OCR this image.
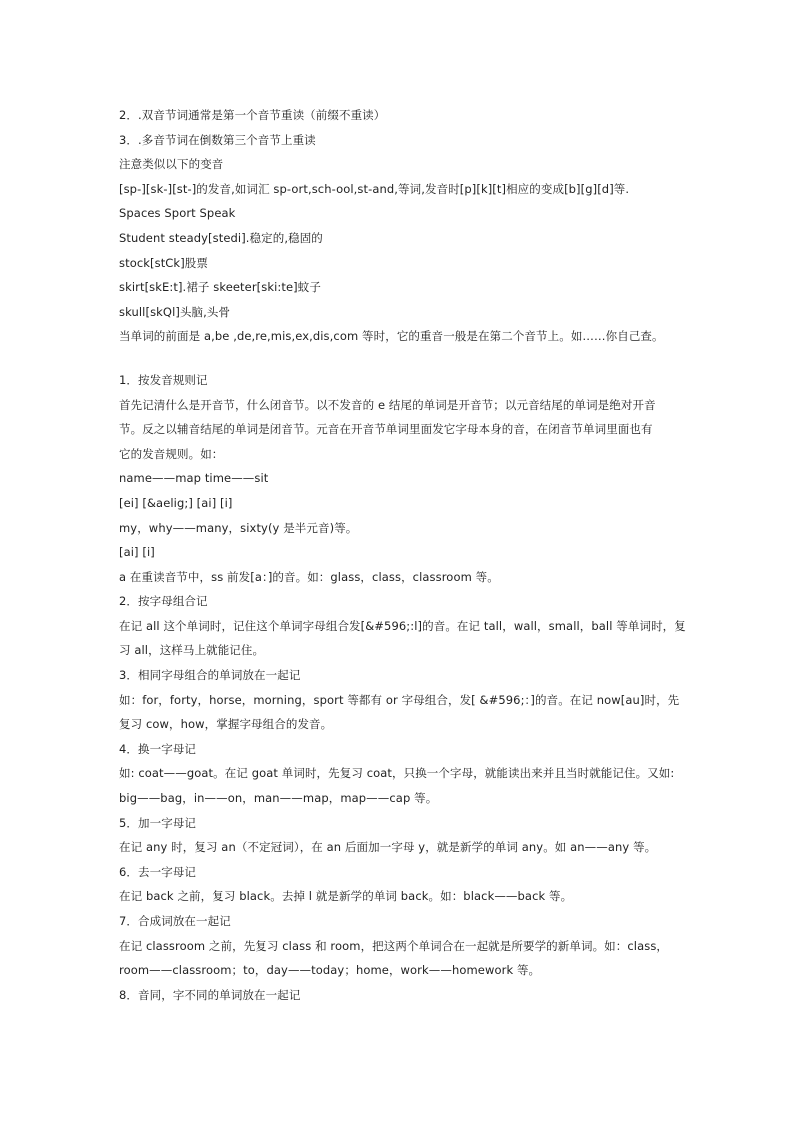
2．.双音节词通常是第一个音节重读（前缀不重读）
3．.多音节词在倒数第三个音节上重读
注意类似以下的变音
[sp-][sk-][st-]的发音,如词汇 sp-ort,sch-ool,st-and,等词,发音时[p][k][t]相应的变成[b][g][d]等.
Spaces Sport Speak
Student steady[stedi].稳定的,稳固的
stock[stCk]股票
skirt[skE:t].裙子 skeeter[ski:te]蚊子
skull[skQl]头脑,头骨
当单词的前面是 a,be ,de,re,mis,ex,dis,com 等时，它的重音一般是在第二个音节上。如……你自己查。
1．按发音规则记
首先记清什么是开音节，什么闭音节。以不发音的 e 结尾的单词是开音节；以元音结尾的单词是绝对开音
节。反之以辅音结尾的单词是闭音节。元音在开音节单词里面发它字母本身的音，在闭音节单词里面也有
它的发音规则。如：
name——map time——sit
[ei] [&aelig;] [ai] [i]
my，why——many，sixty(y 是半元音)等。
[ai] [i]
a 在重读音节中，ss 前发[a：]的音。如：glass，class，classroom 等。
2．按字母组合记
在记 all 这个单词时，记住这个单词字母组合发[&#596;:l]的音。在记 tall，wall，small，ball 等单词时，复
习 all，这样马上就能记住。
3．相同字母组合的单词放在一起记
如：for，forty，horse，morning，sport 等都有 or 字母组合，发[ &#596;：]的音。在记 now[au]时，先
复习 cow，how，掌握字母组合的发音。
4．换一字母记
如: coat——goat。在记 goat 单词时，先复习 coat，只换一个字母，就能读出来并且当时就能记住。又如:
big——bag，in——on，man——map，map——cap 等。
5．加一字母记
在记 any 时，复习 an（不定冠词），在 an 后面加一字母 y，就是新学的单词 any。如 an——any 等。
6．去一字母记
在记 back 之前，复习 black。去掉 l 就是新学的单词 back。如：black——back 等。
7．合成词放在一起记
在记 classroom 之前，先复习 class 和 room，把这两个单词合在一起就是所要学的新单词。如：class，
room——classroom；to，day——today；home，work——homework 等。
8．音同，字不同的单词放在一起记
